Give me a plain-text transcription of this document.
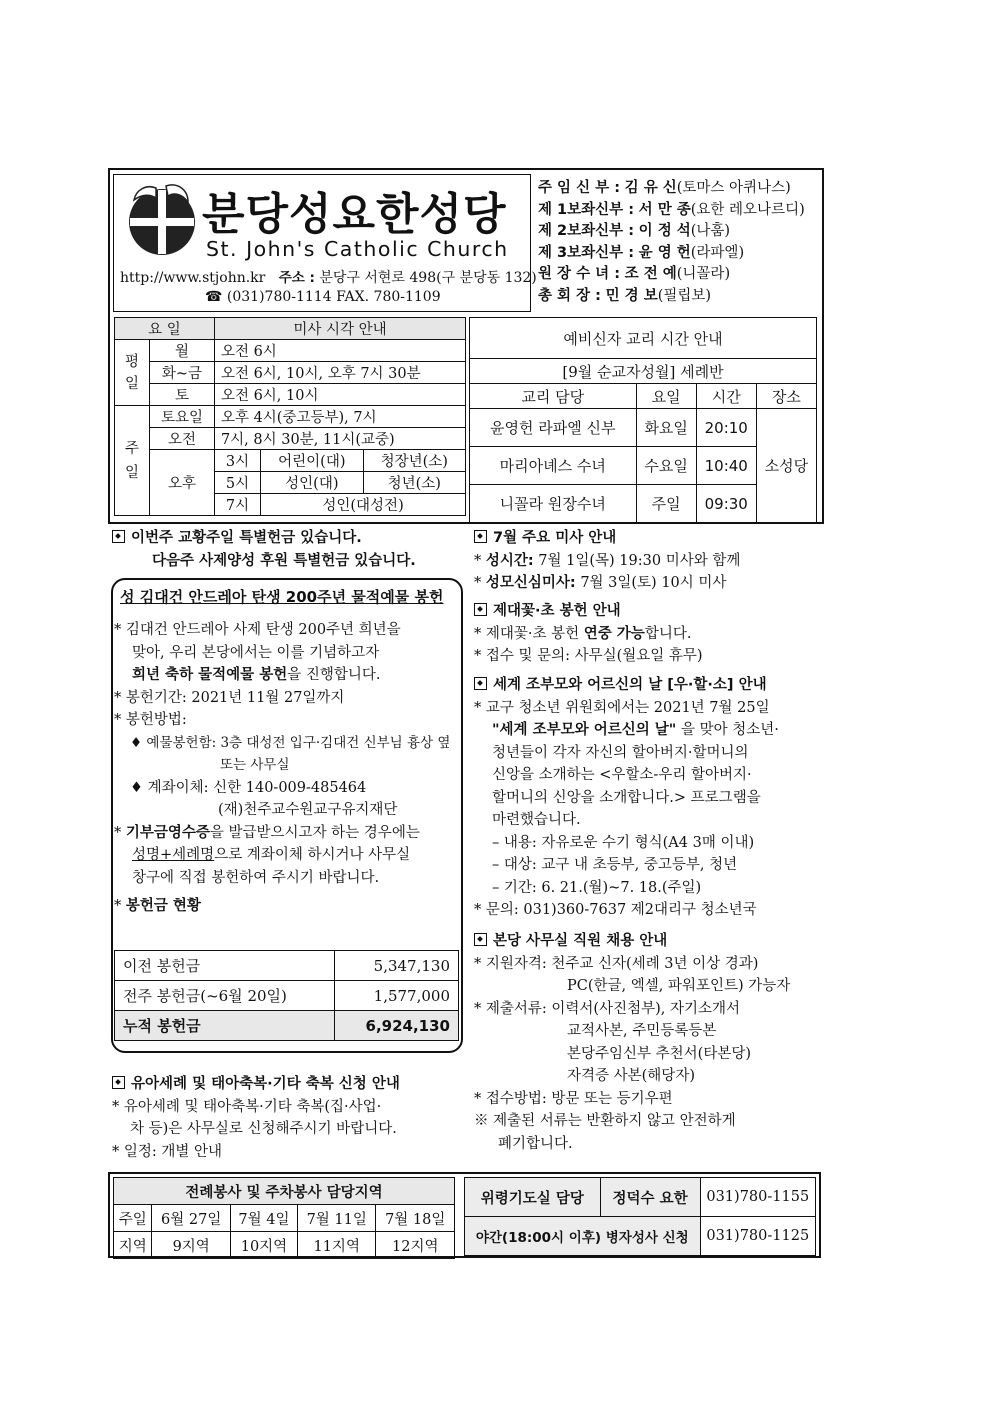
분당성요한성당
St. John's Catholic Church
http://www.stjohn.kr 주소 : 분당구 서현로 498(구 분당동 132)
☎ (031)780-1114 FAX. 780-1109
주 임 신 부 : 김 유 신(토마스 아퀴나스)
제 1보좌신부 : 서 만 종(요한 레오나르디)
제 2보좌신부 : 이 정 석(나훔)
제 3보좌신부 : 윤 영 헌(라파엘)
원 장 수 녀 : 조 전 예(니꼴라)
총 회 장 : 민 경 보(필립보)
요 일		미사 시각 안내		
평
일	월	오전 6시		
	화~금	오전 6시, 10시, 오후 7시 30분		
	토	오전 6시, 10시		
주
일	토요일	오후 4시(중고등부), 7시		
	오전	7시, 8시 30분, 11시(교중)		
	오후	3시	어린이(대)	청장년(소)
		5시	성인(대)	청년(소)
		7시	성인(대성전)	
예비신자 교리 시간 안내			
[9월 순교자성월] 세례반			
교리 담당	요일	시간	장소
윤영헌 라파엘 신부	화요일	20:10	소성당
마리아녜스 수녀	수요일	10:40	
니꼴라 원장수녀	주일	09:30	
이번주 교황주일 특별헌금 있습니다.
다음주 사제양성 후원 특별헌금 있습니다.
성 김대건 안드레아 탄생 200주년 물적예물 봉헌
* 김대건 안드레아 사제 탄생 200주년 희년을
맞아, 우리 본당에서는 이를 기념하고자
희년 축하 물적예물 봉헌을 진행합니다.
* 봉헌기간: 2021년 11월 27일까지
* 봉헌방법:
♦ 예물봉헌함: 3층 대성전 입구·김대건 신부님 흉상 옆
또는 사무실
♦ 계좌이체: 신한 140-009-485464
(재)천주교수원교구유지재단
* 기부금영수증을 발급받으시고자 하는 경우에는
성명+세례명으로 계좌이체 하시거나 사무실
창구에 직접 봉헌하여 주시기 바랍니다.
* 봉헌금 현황
이전 봉헌금	5,347,130
전주 봉헌금(~6월 20일)	1,577,000
누적 봉헌금	6,924,130
유아세례 및 태아축복·기타 축복 신청 안내
* 유아세례 및 태아축복·기타 축복(집·사업·
차 등)은 사무실로 신청해주시기 바랍니다.
* 일정: 개별 안내
7월 주요 미사 안내
* 성시간: 7월 1일(목) 19:30 미사와 함께
* 성모신심미사: 7월 3일(토) 10시 미사
제대꽃·초 봉헌 안내
* 제대꽃·초 봉헌 연중 가능합니다.
* 접수 및 문의: 사무실(월요일 휴무)
세계 조부모와 어르신의 날 [우·할·소] 안내
* 교구 청소년 위원회에서는 2021년 7월 25일
"세계 조부모와 어르신의 날" 을 맞아 청소년·
청년들이 각자 자신의 할아버지·할머니의
신앙을 소개하는 <우할소-우리 할아버지·
할머니의 신앙을 소개합니다.> 프로그램을
마련했습니다.
– 내용: 자유로운 수기 형식(A4 3매 이내)
– 대상: 교구 내 초등부, 중고등부, 청년
– 기간: 6. 21.(월)~7. 18.(주일)
* 문의: 031)360-7637 제2대리구 청소년국
본당 사무실 직원 채용 안내
* 지원자격: 천주교 신자(세례 3년 이상 경과)
PC(한글, 엑셀, 파워포인트) 가능자
* 제출서류: 이력서(사진첨부), 자기소개서
교적사본, 주민등록등본
본당주임신부 추천서(타본당)
자격증 사본(해당자)
* 접수방법: 방문 또는 등기우편
※ 제출된 서류는 반환하지 않고 안전하게
폐기합니다.
전례봉사 및 주차봉사 담당지역				
주일	6월 27일	7월 4일	7월 11일	7월 18일
지역	9지역	10지역	11지역	12지역
위령기도실 담당	정덕수 요한	031)780-1155
야간(18:00시 이후) 병자성사 신청		031)780-1125
